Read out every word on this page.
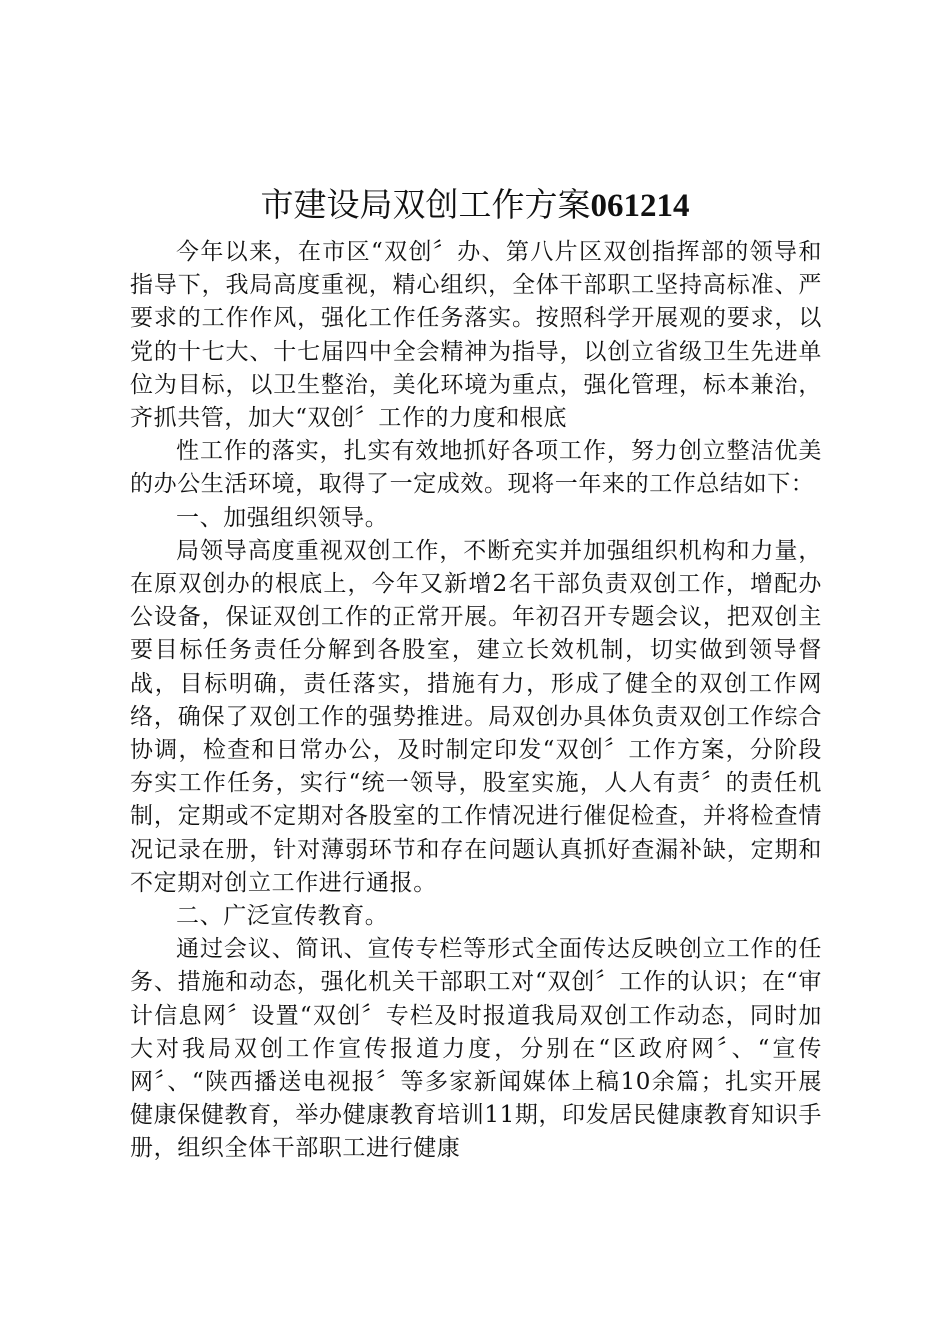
市建设局双创工作方案061214

今年以来，在市区“双创〞办、第八片区双创指挥部的领导和指导下，我局高度重视，精心组织，全体干部职工坚持高标准、严要求的工作作风，强化工作任务落实。按照科学开展观的要求，以党的十七大、十七届四中全会精神为指导，以创立省级卫生先进单位为目标，以卫生整治，美化环境为重点，强化管理，标本兼治，齐抓共管，加大“双创〞工作的力度和根底

性工作的落实，扎实有效地抓好各项工作，努力创立整洁优美的办公生活环境，取得了一定成效。现将一年来的工作总结如下：

一、加强组织领导。

局领导高度重视双创工作，不断充实并加强组织机构和力量，在原双创办的根底上，今年又新增2名干部负责双创工作，增配办公设备，保证双创工作的正常开展。年初召开专题会议，把双创主要目标任务责任分解到各股室，建立长效机制，切实做到领导督战，目标明确，责任落实，措施有力，形成了健全的双创工作网络，确保了双创工作的强势推进。局双创办具体负责双创工作综合协调，检查和日常办公，及时制定印发“双创〞工作方案，分阶段夯实工作任务，实行“统一领导，股室实施，人人有责〞的责任机制，定期或不定期对各股室的工作情况进行催促检查，并将检查情况记录在册，针对薄弱环节和存在问题认真抓好查漏补缺，定期和不定期对创立工作进行通报。

二、广泛宣传教育。

通过会议、简讯、宣传专栏等形式全面传达反映创立工作的任务、措施和动态，强化机关干部职工对“双创〞工作的认识；在“审计信息网〞设置“双创〞专栏及时报道我局双创工作动态，同时加大对我局双创工作宣传报道力度，分别在“区政府网〞、“宣传网〞、“陕西播送电视报〞等多家新闻媒体上稿10余篇；扎实开展健康保健教育，举办健康教育培训11期，印发居民健康教育知识手册，组织全体干部职工进行健康
